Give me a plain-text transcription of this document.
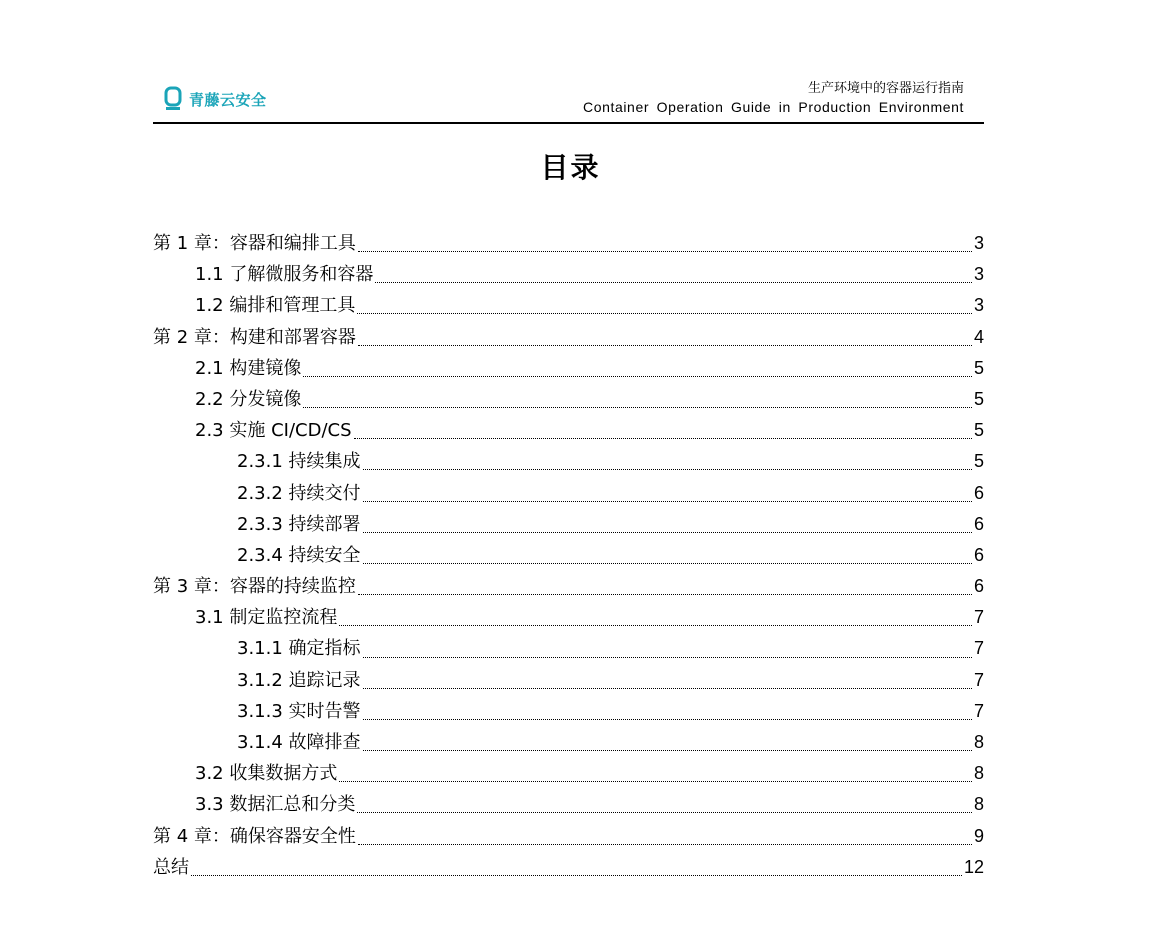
青藤云安全
生产环境中的容器运行指南
Container Operation Guide in Production Environment
目录
第 1 章：容器和编排工具	3
1.1 了解微服务和容器	3
1.2 编排和管理工具	3
第 2 章：构建和部署容器	4
2.1 构建镜像	5
2.2 分发镜像	5
2.3 实施 CI/CD/CS	5
2.3.1 持续集成	5
2.3.2 持续交付	6
2.3.3 持续部署	6
2.3.4 持续安全	6
第 3 章：容器的持续监控	6
3.1 制定监控流程	7
3.1.1 确定指标	7
3.1.2 追踪记录	7
3.1.3 实时告警	7
3.1.4 故障排查	8
3.2 收集数据方式	8
3.3 数据汇总和分类	8
第 4 章：确保容器安全性	9
总结	12
